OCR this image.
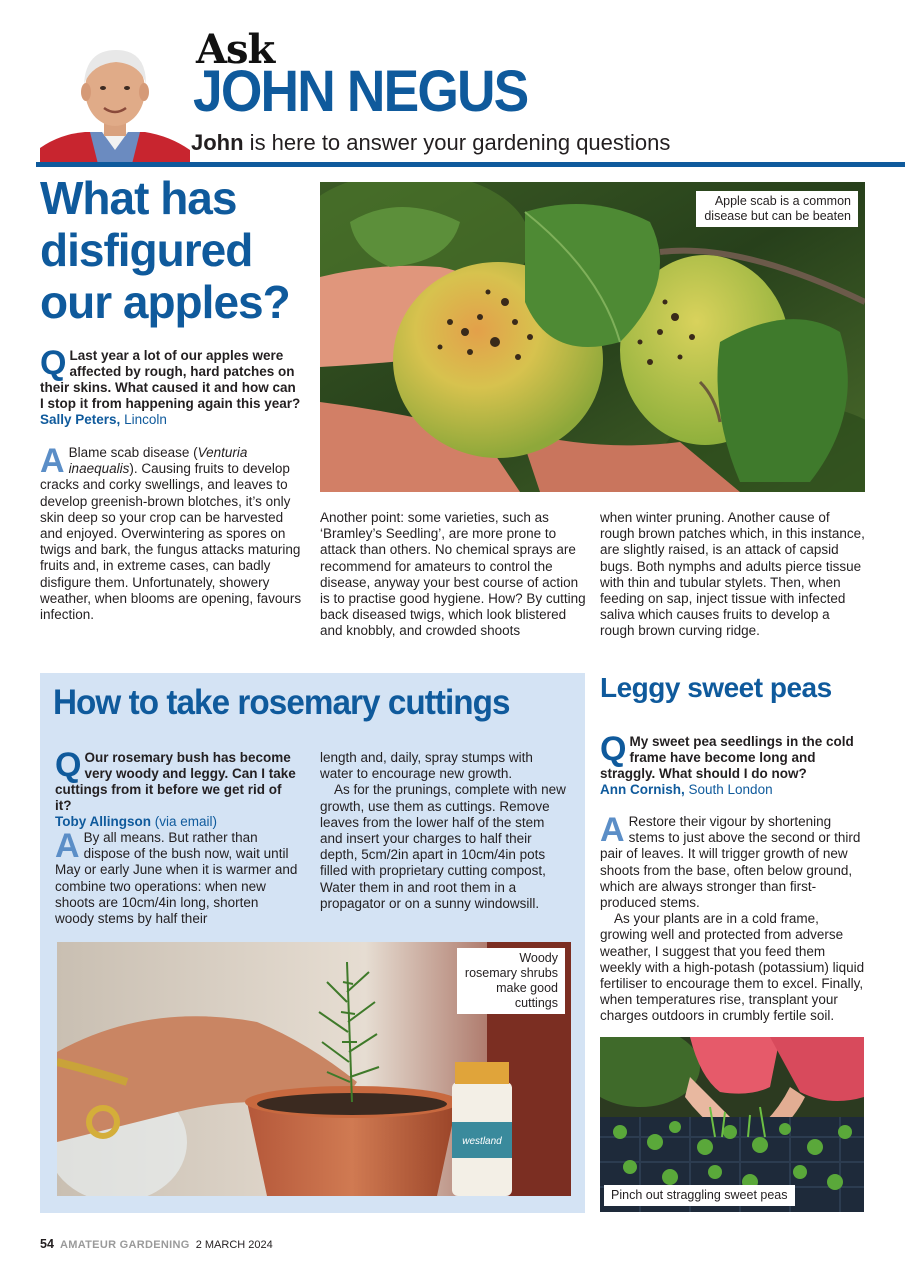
Ask
JOHN NEGUS
John is here to answer your gardening questions
What has disfigured our apples?
Q Last year a lot of our apples were affected by rough, hard patches on their skins. What caused it and how can I stop it from happening again this year?
Sally Peters, Lincoln
A Blame scab disease (Venturia inaequalis). Causing fruits to develop cracks and corky swellings, and leaves to develop greenish-brown blotches, it’s only skin deep so your crop can be harvested and enjoyed. Overwintering as spores on twigs and bark, the fungus attacks maturing fruits and, in extreme cases, can badly disfigure them. Unfortunately, showery weather, when blooms are opening, favours infection.
Apple scab is a common disease but can be beaten
Another point: some varieties, such as ‘Bramley’s Seedling’, are more prone to attack than others. No chemical sprays are recommend for amateurs to control the disease, anyway your best course of action is to practise good hygiene. How? By cutting back diseased twigs, which look blistered and knobbly, and crowded shoots
when winter pruning. Another cause of rough brown patches which, in this instance, are slightly raised, is an attack of capsid bugs. Both nymphs and adults pierce tissue with thin and tubular stylets. Then, when feeding on sap, inject tissue with infected saliva which causes fruits to develop a rough brown curving ridge.
How to take rosemary cuttings
Q Our rosemary bush has become very woody and leggy. Can I take cuttings from it before we get rid of it?
Toby Allingson (via email)
A By all means. But rather than dispose of the bush now, wait until May or early June when it is warmer and combine two operations: when new shoots are 10cm/4in long, shorten woody stems by half their
length and, daily, spray stumps with water to encourage new growth.
As for the prunings, complete with new growth, use them as cuttings. Remove leaves from the lower half of the stem and insert your charges to half their depth, 5cm/2in apart in 10cm/4in pots filled with proprietary cutting compost, Water them in and root them in a propagator or on a sunny windowsill.
westland
Woody rosemary shrubs make good cuttings
Leggy sweet peas
Q My sweet pea seedlings in the cold frame have become long and straggly. What should I do now?
Ann Cornish, South London
A Restore their vigour by shortening stems to just above the second or third pair of leaves. It will trigger growth of new shoots from the base, often below ground, which are always stronger than first-produced stems.
As your plants are in a cold frame, growing well and protected from adverse weather, I suggest that you feed them weekly with a high-potash (potassium) liquid fertiliser to encourage them to excel. Finally, when temperatures rise, transplant your charges outdoors in crumbly fertile soil.
Pinch out straggling sweet peas
54 AMATEUR GARDENING 2 MARCH 2024
